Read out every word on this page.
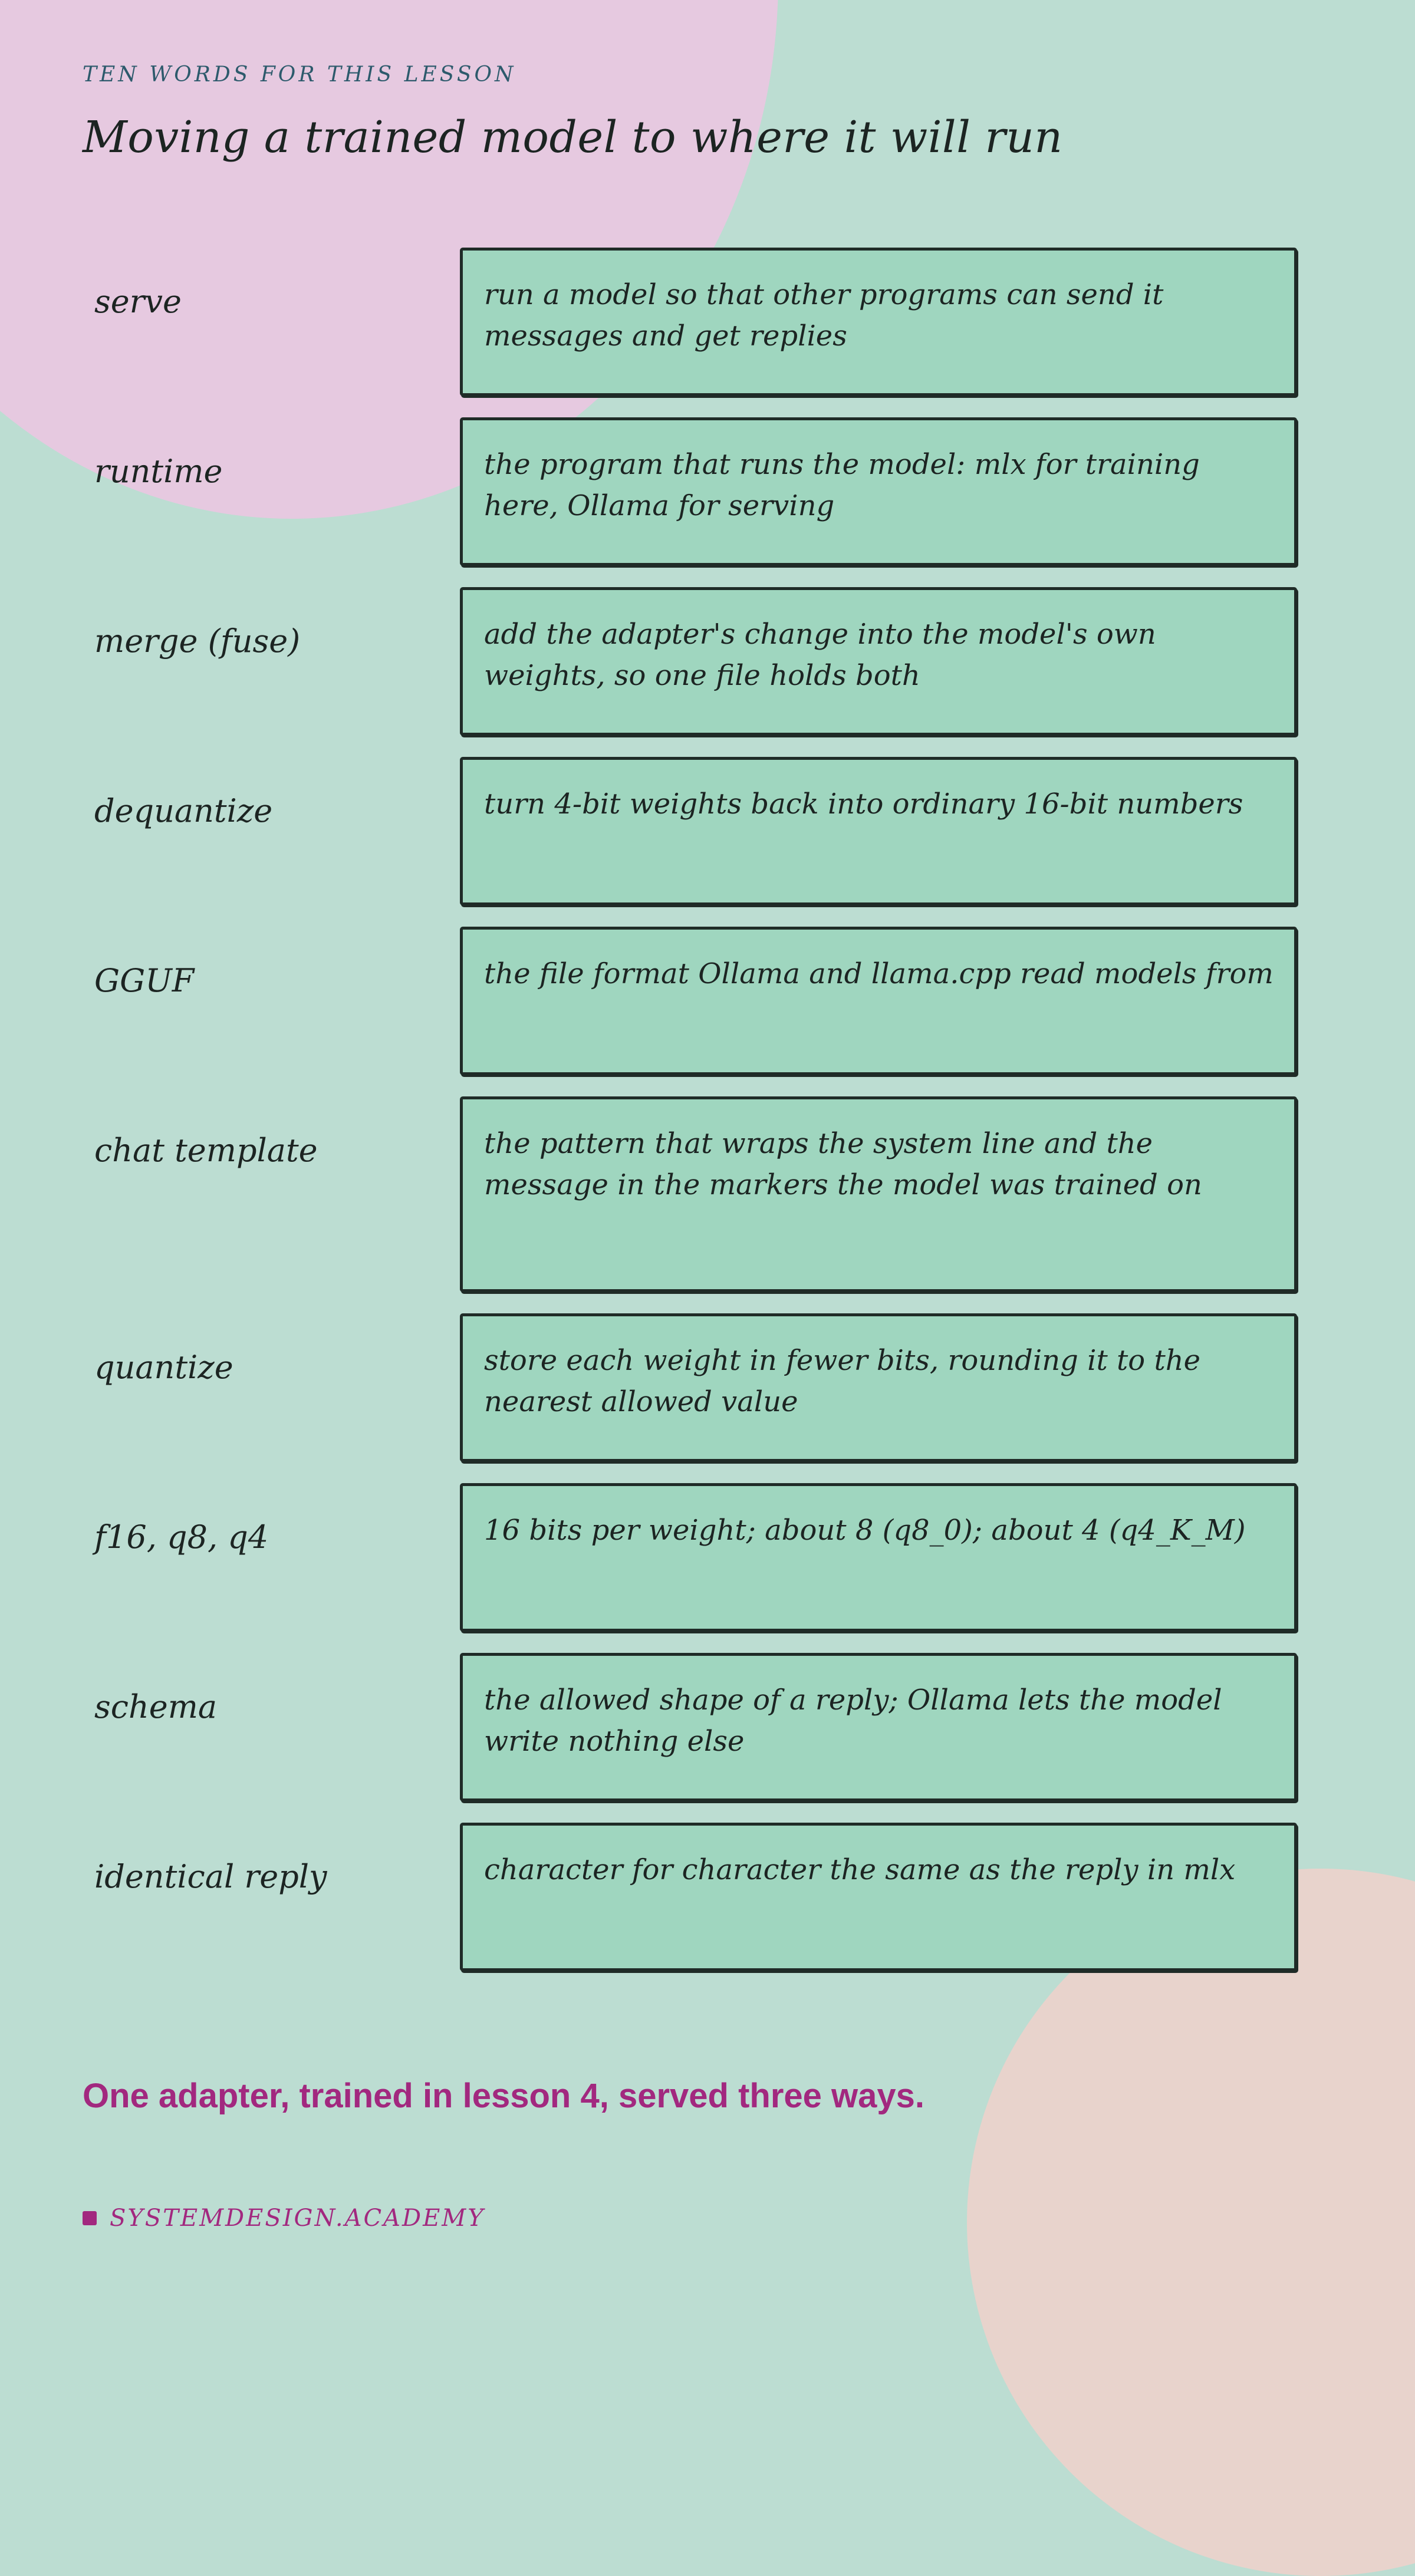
TEN WORDS FOR THIS LESSON

Moving a trained model to where it will run
serve	run a model so that other programs can send it messages and get replies
runtime	the program that runs the model: mlx for training here, Ollama for serving
merge (fuse)	add the adapter's change into the model's own weights, so one file holds both
dequantize	turn 4-bit weights back into ordinary 16-bit numbers
GGUF	the file format Ollama and llama.cpp read models from
chat template	the pattern that wraps the system line and the message in the markers the model was trained on
quantize	store each weight in fewer bits, rounding it to the nearest allowed value
f16, q8, q4	16 bits per weight; about 8 (q8_0); about 4 (q4_K_M)
schema	the allowed shape of a reply; Ollama lets the model write nothing else
identical reply	character for character the same as the reply in mlx

One adapter, trained in lesson 4, served three ways.

SYSTEMDESIGN.ACADEMY
